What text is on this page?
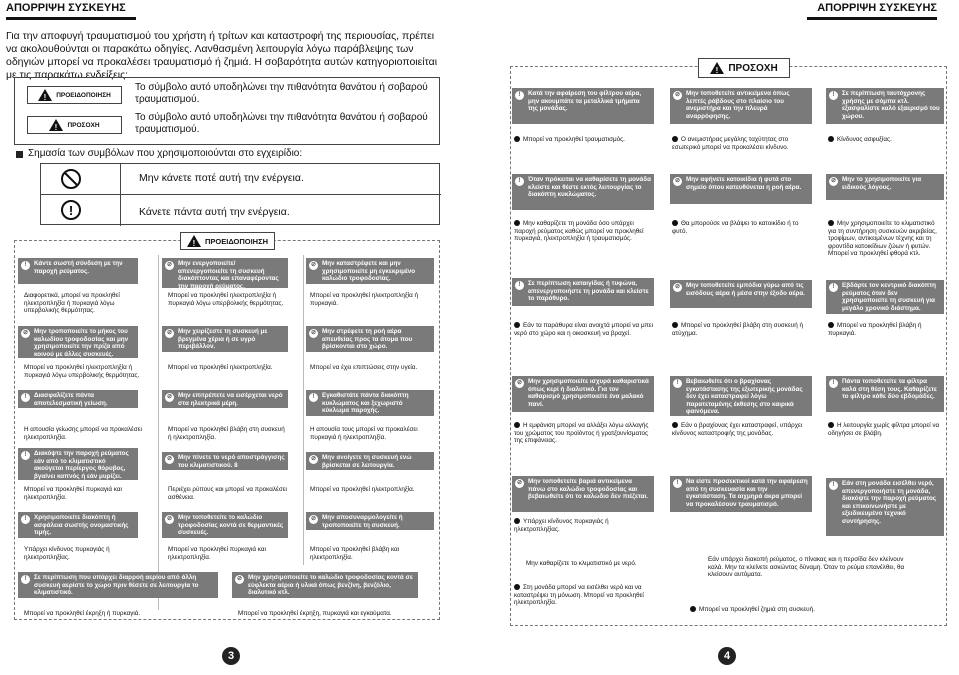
ΑΠΟΡΡΙΨΗ ΣΥΣΚΕΥΗΣ	ΑΠΟΡΡΙΨΗ ΣΥΣΚΕΥΗΣ
Για την αποφυγή τραυματισμού του χρήστη ή τρίτων και καταστροφή της περιουσίας, πρέπει να ακολουθούνται οι παρακάτω οδηγίες. Λανθασμένη λειτουργία λόγω παράβλεψης των οδηγιών μπορεί να προκαλέσει τραυματισμό ή ζημιά. Η σοβαρότητα αυτών κατηγοριοποιείται με τις παρακάτω ενδείξεις:
! ΠΡΟΕΙΔΟΠΟΙΗΣΗ
Το σύμβολο αυτό υποδηλώνει την πιθανότητα θανάτου ή σοβαρού τραυματισμού.
! ΠΡΟΣΟΧΗ
Το σύμβολο αυτό υποδηλώνει την πιθανότητα θανάτου ή σοβαρού τραυματισμού.
Σημασία των συμβόλων που χρησιμοποιούνται στο εγχειρίδιο:
!
Μην κάνετε ποτέ αυτή την ενέργεια.
Κάνετε πάντα αυτή την ενέργεια.
! ΠΡΟΕΙΔΟΠΟΙΗΣΗ
!	Κάντε σωστή σύνδεση με την παροχή ρεύματος.
Διαφορετικά, μπορεί να προκληθεί ηλεκτροπληξία ή πυρκαγιά λόγω υπερβολικής θερμότητας.
⊘ Μην ενεργοποιείτε/απενεργοποιείτε τη συσκευή διακόπτοντας και επαναφέροντας την παροχή ρεύματος.
Μπορεί να προκληθεί ηλεκτροπληξία ή πυρκαγιά λόγω υπερβολικής θερμότητας.
⊘ Μην καταστρέφετε και μην χρησιμοποιείτε μη εγκεκριμένο καλώδιο τροφοδοσίας.
Μπορεί να προκληθεί ηλεκτροπληξία ή πυρκαγιά.
⊘ Μην τροποποιείτε το μήκος του καλωδίου τροφοδοσίας και μην χρησιμοποιείτε την πρίζα από κοινού με άλλες συσκευές.
Μπορεί να προκληθεί ηλεκτροπληξία ή πυρκαγιά λόγω υπερβολικής θερμότητας.
⊘ Μην χειρίζεστε τη συσκευή με βρεγμένα χέρια ή σε υγρό περιβάλλον.
Μπορεί να προκληθεί ηλεκτροπληξία.
⊘ Μην στρέφετε τη ροή αέρα απευθείας προς τα άτομα που βρίσκονται στο χώρο.
Μπορεί να έχει επιπτώσεις στην υγεία.
!	Διασφαλίζετε πάντα αποτελεσματική γείωση.
Η απουσία γείωσης μπορεί να προκαλέσει ηλεκτροπληξία.
⊘ Μην επιτρέπετε να εισέρχεται νερό στα ηλεκτρικά μέρη.
Μπορεί να προκληθεί βλάβη στη συσκευή ή ηλεκτροπληξία.
!	Εγκαθιστάτε πάντα διακόπτη κυκλώματος και ξεχωριστό κύκλωμα παροχής.
Η απουσία τους μπορεί να προκαλέσει πυρκαγιά ή ηλεκτροπληξία.
!	Διακόψτε την παροχή ρεύματος εάν από το κλιματιστικό ακούγεται περίεργος θόρυβος, βγαίνει καπνός ή εάν μυρίζει.
Μπορεί να προκληθεί πυρκαγιά και ηλεκτροπληξία.
⊘ Μην πίνετε το νερό αποστράγγισης του κλιματιστικού. 8
Περιέχει ρύπους και μπορεί να προκαλέσει ασθένεια.
⊘ Μην ανοίγετε τη συσκευή ενώ βρίσκεται σε λειτουργία.
Μπορεί να προκληθεί ηλεκτροπληξία.
!	Χρησιμοποιείτε διακόπτη ή ασφάλεια σωστής ονομαστικής τιμής.
Υπάρχει κίνδυνος πυρκαγιάς ή ηλεκτροπληξίας.
⊘ Μην τοποθετείτε το καλώδιο τροφοδοσίας κοντά σε θερμαντικές συσκευές.
Μπορεί να προκληθεί πυρκαγιά και ηλεκτροπληξία.
⊘ Μην αποσυναρμολογείτε ή τροποποιείτε τη συσκευή.
Μπορεί να προκληθεί βλάβη και ηλεκτροπληξία.
!	Σε περίπτωση που υπάρχει διαρροή αερίου από άλλη συσκευή αερίστε το χώρο πριν θέσετε σε λειτουργία το κλιματιστικό.
Μπορεί να προκληθεί έκρηξη ή πυρκαγιά.
⊘ Μην χρησιμοποιείτε το καλώδιο τροφοδοσίας κοντά σε εύφλεκτα αέρια ή υλικά όπως βενζίνη, βενζόλιο, διαλυτικό κτλ.
Μπορεί να προκληθεί έκρηξη, πυρκαγιά και εγκαύματα.
3
! ΠΡΟΣΟΧΗ
!	Κατά την αφαίρεση του φίλτρου αέρα, μην ακουμπάτε τα μεταλλικά τμήματα της μονάδας.
Μπορεί να προκληθεί τραυματισμός.
⊘ Μην τοποθετείτε αντικείμενα όπως λεπτές ράβδους στο πλαίσιο του ανεμιστήρα και την πλευρά αναρρόφησης.
Ο ανεμιστήρας μεγάλης ταχύτητας στο εσωτερικό μπορεί να προκαλέσει κίνδυνο.
!	Σε περίπτωση ταυτόχρονης χρήσης με σόμπα κτλ. εξασφαλίστε καλό εξαερισμό του χώρου.
Κίνδυνος ασφυξίας.
!	Όταν πρόκειται να καθαρίσετε τη μονάδα κλείστε και θέστε εκτός λειτουργίας το διακόπτη κυκλώματος.
Μην καθαρίζετε τη μονάδα όσο υπάρχει παροχή ρεύματος καθώς μπορεί να προκληθεί πυρκαγιά, ηλεκτροπληξία ή τραυματισμός.
⊘ Μην αφήνετε κατοικίδια ή φυτά στο σημείο όπου κατευθύνεται η ροή αέρα.
Θα μπορούσε να βλάψει το κατοικίδιο ή το φυτό.
⊘ Μην το χρησιμοποιείτε για ειδικούς λόγους.
Μην χρησιμοποιείτε το κλιματιστικό για τη συντήρηση συσκευών ακριβείας, τροφίμων, αντικειμένων τέχνης και τη φροντίδα κατοικίδιων ζώων ή φυτών. Μπορεί να προκληθεί φθορά κτλ.
!	Σε περίπτωση καταιγίδας ή τυφώνα, απενεργοποιήστε τη μονάδα και κλείστε το παράθυρο.
Εάν τα παράθυρα είναι ανοιχτά μπορεί να μπει νερό στο χώρο και η οικοσκευή να βραχεί.
⊘ Μην τοποθετείτε εμπόδια γύρω από τις εισόδους αέρα ή μέσα στην έξοδο αέρα.
Μπορεί να προκληθεί βλάβη στη συσκευή ή ατύχημα.
!	Εβδάρτε τον κεντρικό διακόπτη ρεύματος όταν δεν χρησιμοποιείτε τη συσκευή για μεγάλο χρονικό διάστημα.
Μπορεί να προκληθεί βλάβη ή πυρκαγιά.
⊘ Μην χρησιμοποιείτε ισχυρά καθαριστικά όπως κερί ή διαλυτικό. Για τον καθαρισμό χρησιμοποιείτε ένα μαλακό πανί.
Η εμφάνιση μπορεί να αλλάξει λόγω αλλαγής του χρώματος του προϊόντος ή γρατζουνίσματος της επιφάνειας.
!	Βεβαιωθείτε ότι ο βραχίονας εγκατάστασης της εξωτερικής μονάδας δεν έχει καταστραφεί λόγω παρατεταμένης έκθεσης στο καιρικά φαινόμενα.
Εάν ο βραχίονας έχει καταστραφεί, υπάρχει κίνδυνος καταστροφής της μονάδας.
!	Πάντα τοποθετείτε τα φίλτρα καλά στη θέση τους. Καθαρίζετε το φίλτρο κάθε δύο εβδομάδες.
Η λειτουργία χωρίς φίλτρα μπορεί να οδηγήσει σε βλάβη.
⊘ Μην τοποθετείτε βαριά αντικείμενα πάνω στο καλώδιο τροφοδοσίας και βεβαιωθείτε ότι το καλώδιο δεν πιέζεται.
Υπάρχει κίνδυνος πυρκαγιάς ή ηλεκτροπληξίας.
!	Να είστε προσεκτικοί κατά την αφαίρεση από τη συσκευασία και την εγκατάσταση. Τα αιχμηρά άκρα μπορεί να προκαλέσουν τραυματισμό.
!	Εάν στη μονάδα εισέλθει νερό, απενεργοποιήστε τη μονάδα, διακόψτε την παροχή ρεύματος και επικοινωνήστε με εξειδικευμένο τεχνικό συντήρησης.
Μην καθαρίζετε το κλιματιστικό με νερό.
Εάν υπάρχει διακοπή ρεύματος, ο πίνακας και η περσίδα δεν κλείνουν καλά. Μην τα κλείνετε ασκώντας δύναμη. Όταν το ρεύμα επανέλθει, θα κλείσουν αυτόματα.
Στη μονάδα μπορεί να εισέλθει νερό και να καταστρέψει τη μόνωση. Μπορεί να προκληθεί ηλεκτροπληξία.
Μπορεί να προκληθεί ζημιά στη συσκευή.
4
